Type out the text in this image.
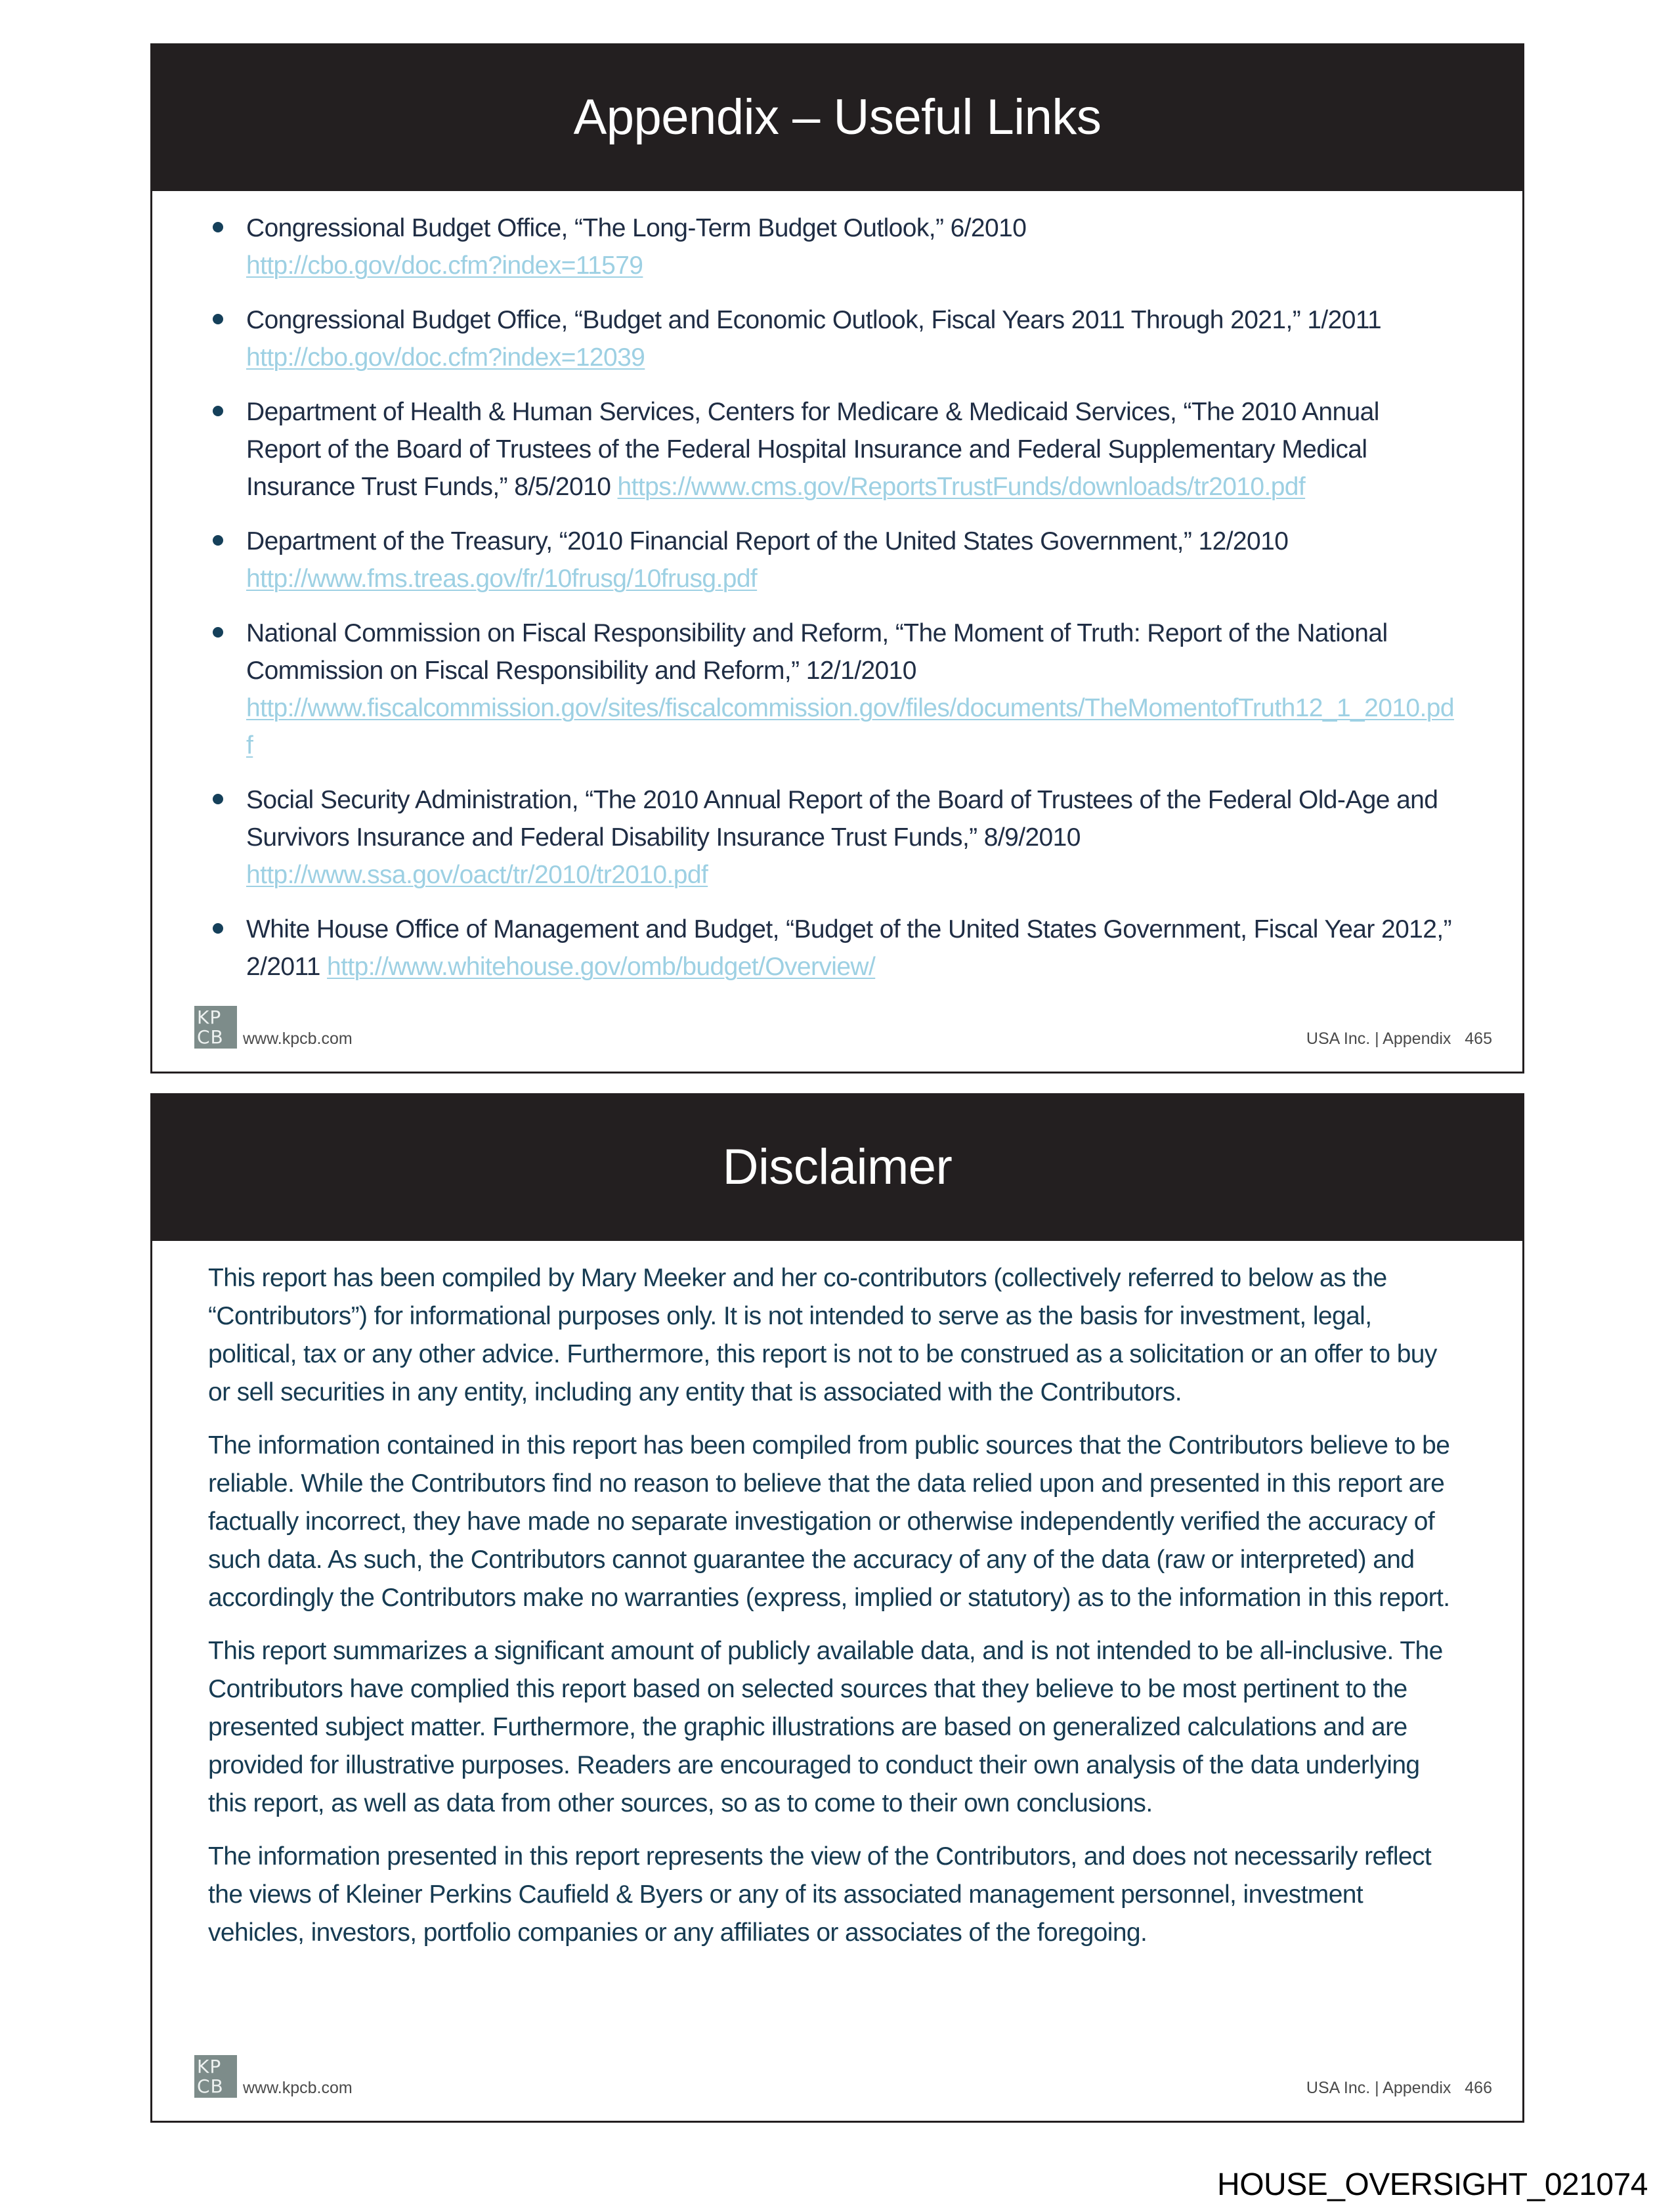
Appendix – Useful Links
Congressional Budget Office, “The Long-Term Budget Outlook,” 6/2010
http://cbo.gov/doc.cfm?index=11579
Congressional Budget Office, “Budget and Economic Outlook, Fiscal Years 2011 Through 2021,” 1/2011
http://cbo.gov/doc.cfm?index=12039
Department of Health & Human Services, Centers for Medicare & Medicaid Services, “The 2010 Annual Report of the Board of Trustees of the Federal Hospital Insurance and Federal Supplementary Medical Insurance Trust Funds,” 8/5/2010 https://www.cms.gov/ReportsTrustFunds/downloads/tr2010.pdf
Department of the Treasury, “2010 Financial Report of the United States Government,” 12/2010
http://www.fms.treas.gov/fr/10frusg/10frusg.pdf
National Commission on Fiscal Responsibility and Reform, “The Moment of Truth: Report of the National Commission on Fiscal Responsibility and Reform,” 12/1/2010
http://www.fiscalcommission.gov/sites/fiscalcommission.gov/files/documents/TheMomentofTruth12_1_2010.pdf
Social Security Administration, “The 2010 Annual Report of the Board of Trustees of the Federal Old-Age and Survivors Insurance and Federal Disability Insurance Trust Funds,” 8/9/2010
http://www.ssa.gov/oact/tr/2010/tr2010.pdf
White House Office of Management and Budget, “Budget of the United States Government, Fiscal Year 2012,” 2/2011 http://www.whitehouse.gov/omb/budget/Overview/
KP
CB	www.kpcb.com	USA Inc. | Appendix 465
Disclaimer

This report has been compiled by Mary Meeker and her co-contributors (collectively referred to below as the “Contributors”) for informational purposes only. It is not intended to serve as the basis for investment, legal, political, tax or any other advice. Furthermore, this report is not to be construed as a solicitation or an offer to buy or sell securities in any entity, including any entity that is associated with the Contributors.

The information contained in this report has been compiled from public sources that the Contributors believe to be reliable. While the Contributors find no reason to believe that the data relied upon and presented in this report are factually incorrect, they have made no separate investigation or otherwise independently verified the accuracy of such data. As such, the Contributors cannot guarantee the accuracy of any of the data (raw or interpreted) and accordingly the Contributors make no warranties (express, implied or statutory) as to the information in this report.

This report summarizes a significant amount of publicly available data, and is not intended to be all-inclusive. The Contributors have complied this report based on selected sources that they believe to be most pertinent to the presented subject matter. Furthermore, the graphic illustrations are based on generalized calculations and are provided for illustrative purposes. Readers are encouraged to conduct their own analysis of the data underlying this report, as well as data from other sources, so as to come to their own conclusions.

The information presented in this report represents the view of the Contributors, and does not necessarily reflect the views of Kleiner Perkins Caufield & Byers or any of its associated management personnel, investment vehicles, investors, portfolio companies or any affiliates or associates of the foregoing.

KP
CB	www.kpcb.com	USA Inc. | Appendix 466
HOUSE_OVERSIGHT_021074
